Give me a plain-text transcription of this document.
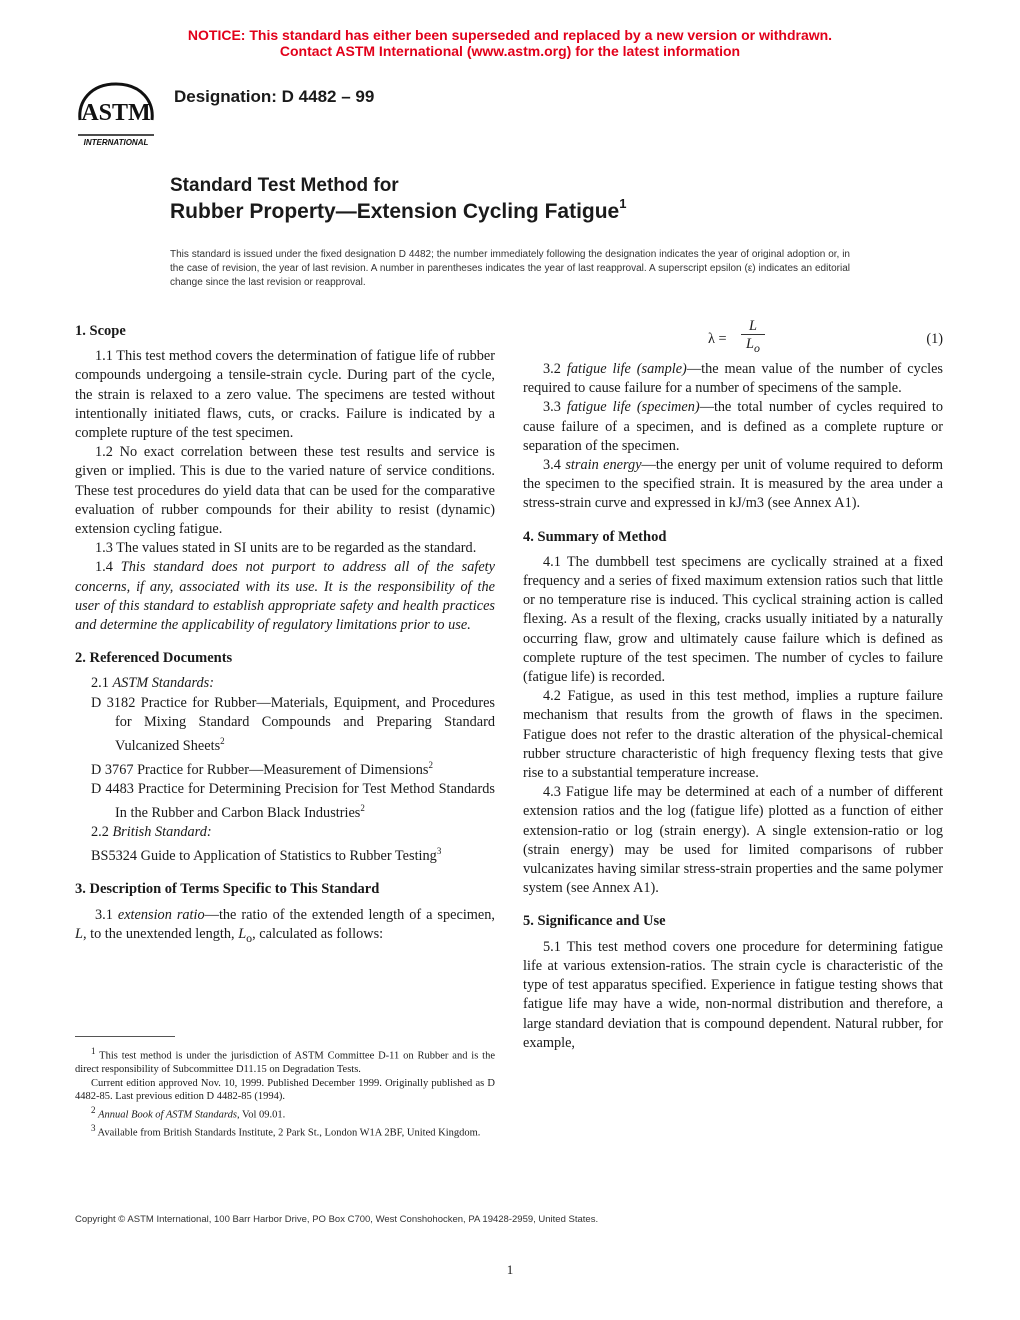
NOTICE: This standard has either been superseded and replaced by a new version or withdrawn.
Contact ASTM International (www.astm.org) for the latest information
ASTM
INTERNATIONAL
Designation: D 4482 – 99
Standard Test Method for
Rubber Property—Extension Cycling Fatigue$^1$
This standard is issued under the fixed designation D 4482; the number immediately following the designation indicates the year of original adoption or, in the case of revision, the year of last revision. A number in parentheses indicates the year of last reapproval. A superscript epsilon (ε) indicates an editorial change since the last revision or reapproval.
1. Scope

1.1 This test method covers the determination of fatigue life of rubber compounds undergoing a tensile-strain cycle. During part of the cycle, the strain is relaxed to a zero value. The specimens are tested without intentionally initiated flaws, cuts, or cracks. Failure is indicated by a complete rupture of the test specimen.

1.2 No exact correlation between these test results and service is given or implied. This is due to the varied nature of service conditions. These test procedures do yield data that can be used for the comparative evaluation of rubber compounds for their ability to resist (dynamic) extension cycling fatigue.

1.3 The values stated in SI units are to be regarded as the standard.

1.4 This standard does not purport to address all of the safety concerns, if any, associated with its use. It is the responsibility of the user of this standard to establish appropriate safety and health practices and determine the applicability of regulatory limitations prior to use.

2. Referenced Documents

2.1 ASTM Standards:

D 3182 Practice for Rubber—Materials, Equipment, and Procedures for Mixing Standard Compounds and Preparing Standard Vulcanized Sheets$^2$

D 3767 Practice for Rubber—Measurement of Dimensions$^2$

D 4483 Practice for Determining Precision for Test Method Standards In the Rubber and Carbon Black Industries$^2$

2.2 British Standard:

BS5324 Guide to Application of Statistics to Rubber Testing$^3$

3. Description of Terms Specific to This Standard

3.1 extension ratio—the ratio of the extended length of a specimen, L, to the unextended length, $L_o$, calculated as follows:

$^1$ This test method is under the jurisdiction of ASTM Committee D-11 on Rubber and is the direct responsibility of Subcommittee D11.15 on Degradation Tests.

Current edition approved Nov. 10, 1999. Published December 1999. Originally published as D 4482-85. Last previous edition D 4482-85 (1994).

$^2$ Annual Book of ASTM Standards, Vol 09.01.

$^3$ Available from British Standards Institute, 2 Park St., London W1A 2BF, United Kingdom.

$\lambda = \frac{L}{L_o}$	(1)

3.2 fatigue life (sample)—the mean value of the number of cycles required to cause failure for a number of specimens of the sample.

3.3 fatigue life (specimen)—the total number of cycles required to cause failure of a specimen, and is defined as a complete rupture or separation of the specimen.

3.4 strain energy—the energy per unit of volume required to deform the specimen to the specified strain. It is measured by the area under a stress-strain curve and expressed in kJ/m3 (see Annex A1).

4. Summary of Method

4.1 The dumbbell test specimens are cyclically strained at a fixed frequency and a series of fixed maximum extension ratios such that little or no temperature rise is induced. This cyclical straining action is called flexing. As a result of the flexing, cracks usually initiated by a naturally occurring flaw, grow and ultimately cause failure which is defined as complete rupture of the test specimen. The number of cycles to failure (fatigue life) is recorded.

4.2 Fatigue, as used in this test method, implies a rupture failure mechanism that results from the growth of flaws in the specimen. Fatigue does not refer to the drastic alteration of the physical-chemical rubber structure characteristic of high frequency flexing tests that give rise to a substantial temperature increase.

4.3 Fatigue life may be determined at each of a number of different extension ratios and the log (fatigue life) plotted as a function of either extension-ratio or log (strain energy). A single extension-ratio or log (strain energy) may be used for limited comparisons of rubber vulcanizates having similar stress-strain properties and the same polymer system (see Annex A1).

5. Significance and Use

5.1 This test method covers one procedure for determining fatigue life at various extension-ratios. The strain cycle is characteristic of the type of test apparatus specified. Experience in fatigue testing shows that fatigue life may have a wide, non-normal distribution and therefore, a large standard deviation that is compound dependent. Natural rubber, for example,

Copyright © ASTM International, 100 Barr Harbor Drive, PO Box C700, West Conshohocken, PA 19428-2959, United States.
1
